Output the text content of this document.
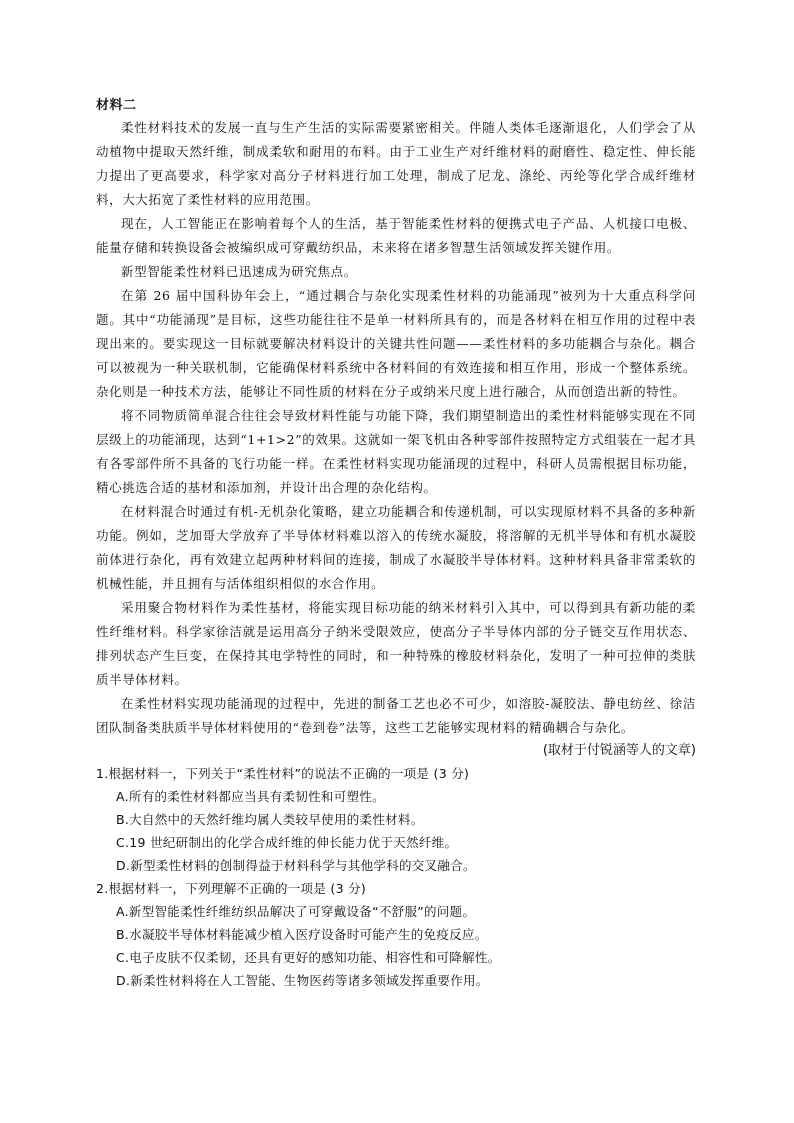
材料二

柔性材料技术的发展一直与生产生活的实际需要紧密相关。伴随人类体毛逐渐退化，人们学会了从动植物中提取天然纤维，制成柔软和耐用的布料。由于工业生产对纤维材料的耐磨性、稳定性、伸长能力提出了更高要求，科学家对高分子材料进行加工处理，制成了尼龙、涤纶、丙纶等化学合成纤维材料，大大拓宽了柔性材料的应用范围。

现在，人工智能正在影响着每个人的生活，基于智能柔性材料的便携式电子产品、人机接口电极、能量存储和转换设备会被编织成可穿戴纺织品，未来将在诸多智慧生活领域发挥关键作用。

新型智能柔性材料已迅速成为研究焦点。

在第 26 届中国科协年会上，“通过耦合与杂化实现柔性材料的功能涌现”被列为十大重点科学问题。其中“功能涌现”是目标，这些功能往往不是单一材料所具有的，而是各材料在相互作用的过程中表现出来的。要实现这一目标就要解决材料设计的关键共性问题——柔性材料的多功能耦合与杂化。耦合可以被视为一种关联机制，它能确保材料系统中各材料间的有效连接和相互作用，形成一个整体系统。杂化则是一种技术方法，能够让不同性质的材料在分子或纳米尺度上进行融合，从而创造出新的特性。

将不同物质简单混合往往会导致材料性能与功能下降，我们期望制造出的柔性材料能够实现在不同层级上的功能涌现，达到“1+1>2”的效果。这就如一架飞机由各种零部件按照特定方式组装在一起才具有各零部件所不具备的飞行功能一样。在柔性材料实现功能涌现的过程中，科研人员需根据目标功能，精心挑选合适的基材和添加剂，并设计出合理的杂化结构。

在材料混合时通过有机-无机杂化策略，建立功能耦合和传递机制，可以实现原材料不具备的多种新功能。例如，芝加哥大学放弃了半导体材料难以溶入的传统水凝胶，将溶解的无机半导体和有机水凝胶前体进行杂化，再有效建立起两种材料间的连接，制成了水凝胶半导体材料。这种材料具备非常柔软的机械性能，并且拥有与活体组织相似的水合作用。

采用聚合物材料作为柔性基材，将能实现目标功能的纳米材料引入其中，可以得到具有新功能的柔性纤维材料。科学家徐洁就是运用高分子纳米受限效应，使高分子半导体内部的分子链交互作用状态、排列状态产生巨变，在保持其电学特性的同时，和一种特殊的橡胶材料杂化，发明了一种可拉伸的类肤质半导体材料。

在柔性材料实现功能涌现的过程中，先进的制备工艺也必不可少，如溶胶-凝胶法、静电纺丝、徐洁团队制备类肤质半导体材料使用的“卷到卷”法等，这些工艺能够实现材料的精确耦合与杂化。

(取材于付锐涵等人的文章)

1.根据材料一，下列关于“柔性材料”的说法不正确的一项是 (3 分)

A.所有的柔性材料都应当具有柔韧性和可塑性。
B.大自然中的天然纤维均属人类较早使用的柔性材料。
C.19 世纪研制出的化学合成纤维的伸长能力优于天然纤维。
D.新型柔性材料的创制得益于材料科学与其他学科的交叉融合。

2.根据材料一，下列理解不正确的一项是 (3 分)

A.新型智能柔性纤维纺织品解决了可穿戴设备“不舒服”的问题。
B.水凝胶半导体材料能减少植入医疗设备时可能产生的免疫反应。
C.电子皮肤不仅柔韧，还具有更好的感知功能、相容性和可降解性。
D.新柔性材料将在人工智能、生物医药等诸多领域发挥重要作用。
